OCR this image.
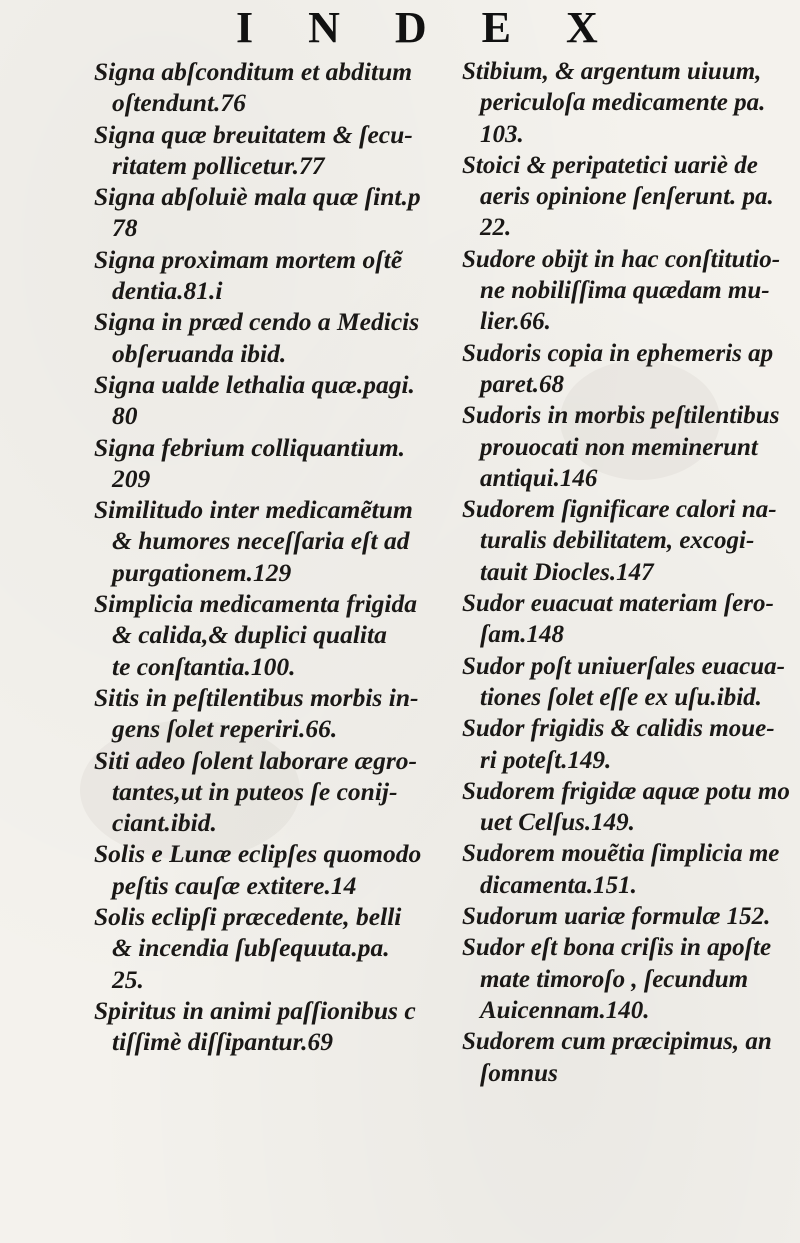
I N D E X

Signa abſconditum et abditum
oſtendunt.76

Signa quæ breuitatem & ſecu-
ritatem pollicetur.77

Signa abſoluiè mala quæ ſint.p
78

Signa proximam mortem oſtẽ
dentia.81.i

Signa in præd cendo a Medicis
obſeruanda ibid.

Signa ualde lethalia quæ.pagi.
80

Signa febrium colliquantium.
209

Similitudo inter medicamẽtum
& humores neceſſaria eſt ad
purgationem.129

Simplicia medicamenta frigida
& calida,& duplici qualita
te conſtantia.100.

Sitis in peſtilentibus morbis in-
gens ſolet reperiri.66.

Siti adeo ſolent laborare ægro-
tantes,ut in puteos ſe conij-
ciant.ibid.

Solis e Lunæ eclipſes quomodo
peſtis cauſæ extitere.14

Solis eclipſi præcedente, belli
& incendia ſubſequuta.pa.
25.

Spiritus in animi paſſionibus c
tiſſimè diſſipantur.69

Stibium, & argentum uiuum,
periculoſa medicamente pa.
103.

Stoici & peripatetici uariè de
aeris opinione ſenſerunt. pa.
22.

Sudore obijt in hac conſtitutio-
ne nobiliſſima quædam mu-
lier.66.

Sudoris copia in ephemeris ap
paret.68

Sudoris in morbis peſtilentibus
prouocati non meminerunt
antiqui.146

Sudorem ſignificare calori na-
turalis debilitatem, excogi-
tauit Diocles.147

Sudor euacuat materiam ſero-
ſam.148

Sudor poſt uniuerſales euacua-
tiones ſolet eſſe ex uſu.ibid.

Sudor frigidis & calidis moue-
ri poteſt.149.

Sudorem frigidæ aquæ potu mo
uet Celſus.149.

Sudorem mouẽtia ſimplicia me
dicamenta.151.

Sudorum uariæ formulæ 152.

Sudor eſt bona criſis in apoſte
mate timoroſo , ſecundum
Auicennam.140.

Sudorem cum præcipimus, an
ſomnus
